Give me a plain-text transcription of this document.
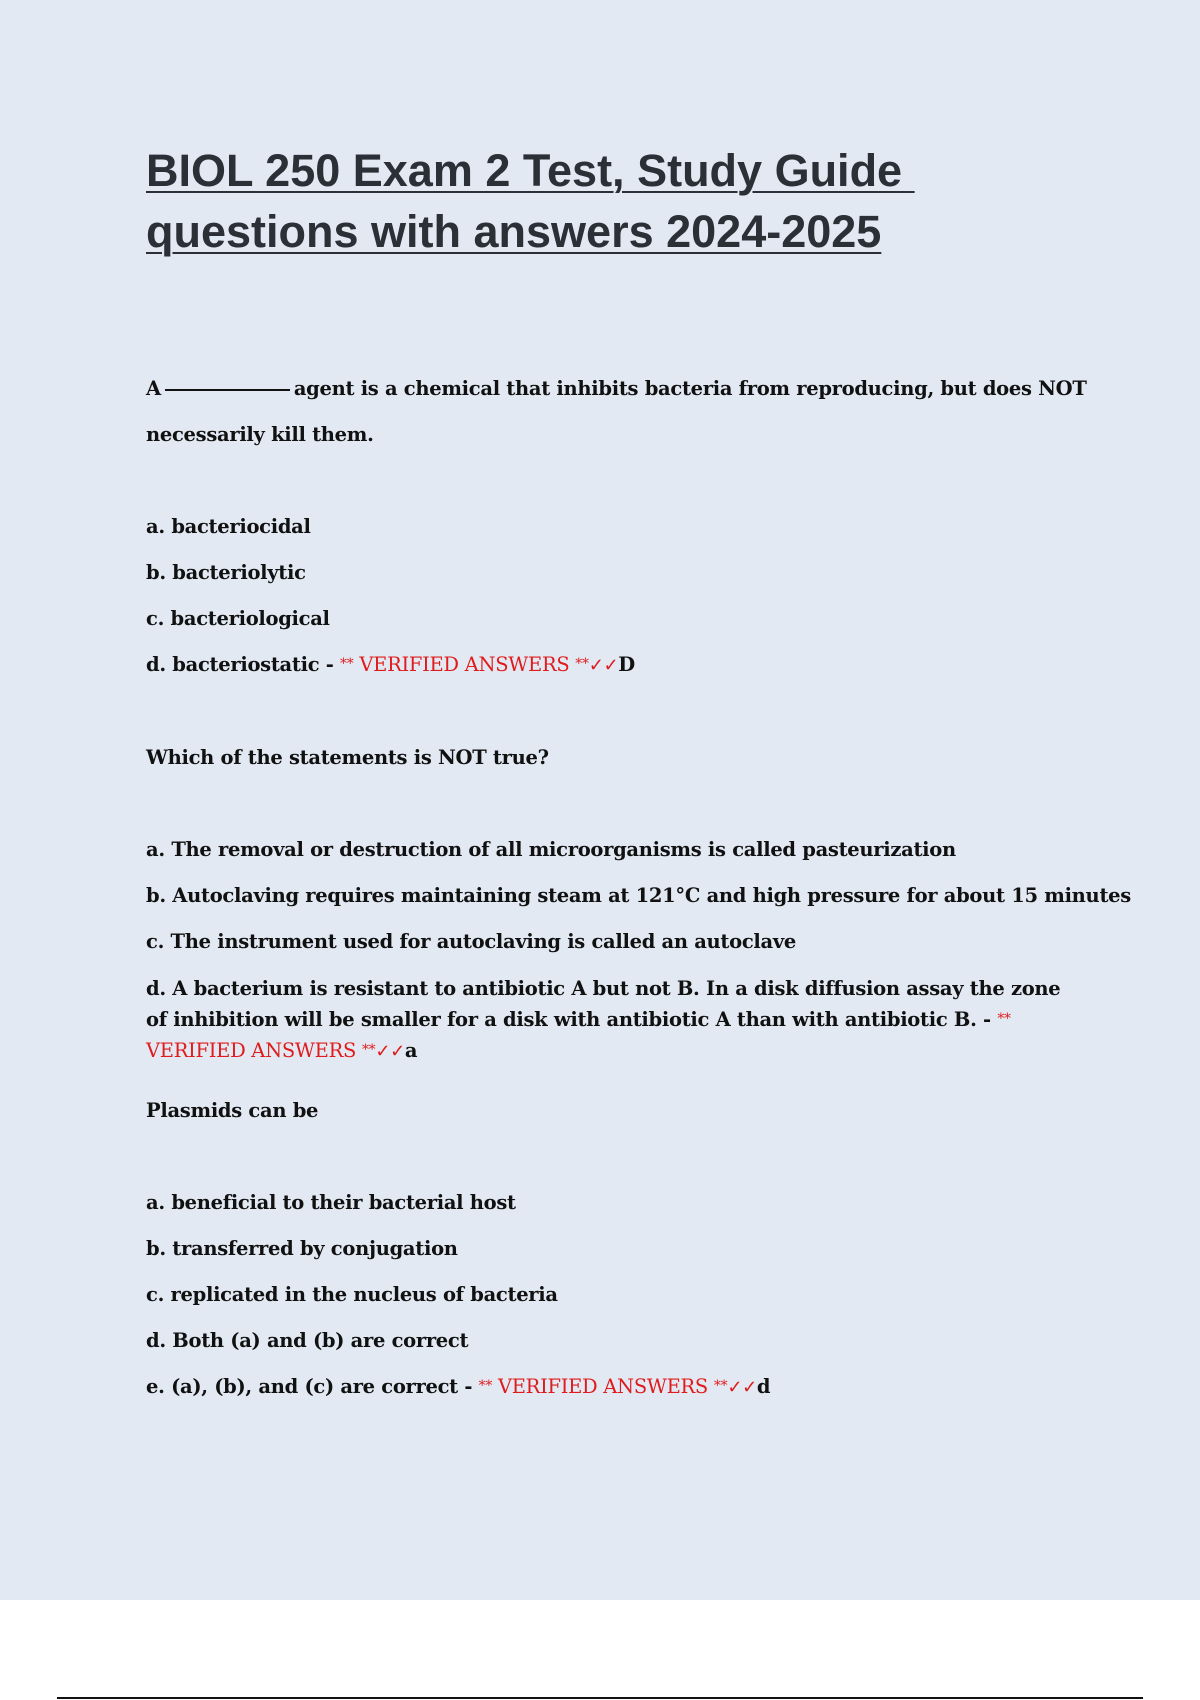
BIOL 250 Exam 2 Test, Study Guide
questions with answers 2024-2025
A	agent is a chemical that inhibits bacteria from reproducing, but does NOT
necessarily kill them.
a. bacteriocidal
b. bacteriolytic
c. bacteriological
d. bacteriostatic - ** VERIFIED ANSWERS **✓✓D
Which of the statements is NOT true?
a. The removal or destruction of all microorganisms is called pasteurization
b. Autoclaving requires maintaining steam at 121°C and high pressure for about 15 minutes
c. The instrument used for autoclaving is called an autoclave
d. A bacterium is resistant to antibiotic A but not B. In a disk diffusion assay the zone of inhibition will be smaller for a disk with antibiotic A than with antibiotic B. - ** VERIFIED ANSWERS **✓✓a
Plasmids can be
a. beneficial to their bacterial host
b. transferred by conjugation
c. replicated in the nucleus of bacteria
d. Both (a) and (b) are correct
e. (a), (b), and (c) are correct - ** VERIFIED ANSWERS **✓✓d
